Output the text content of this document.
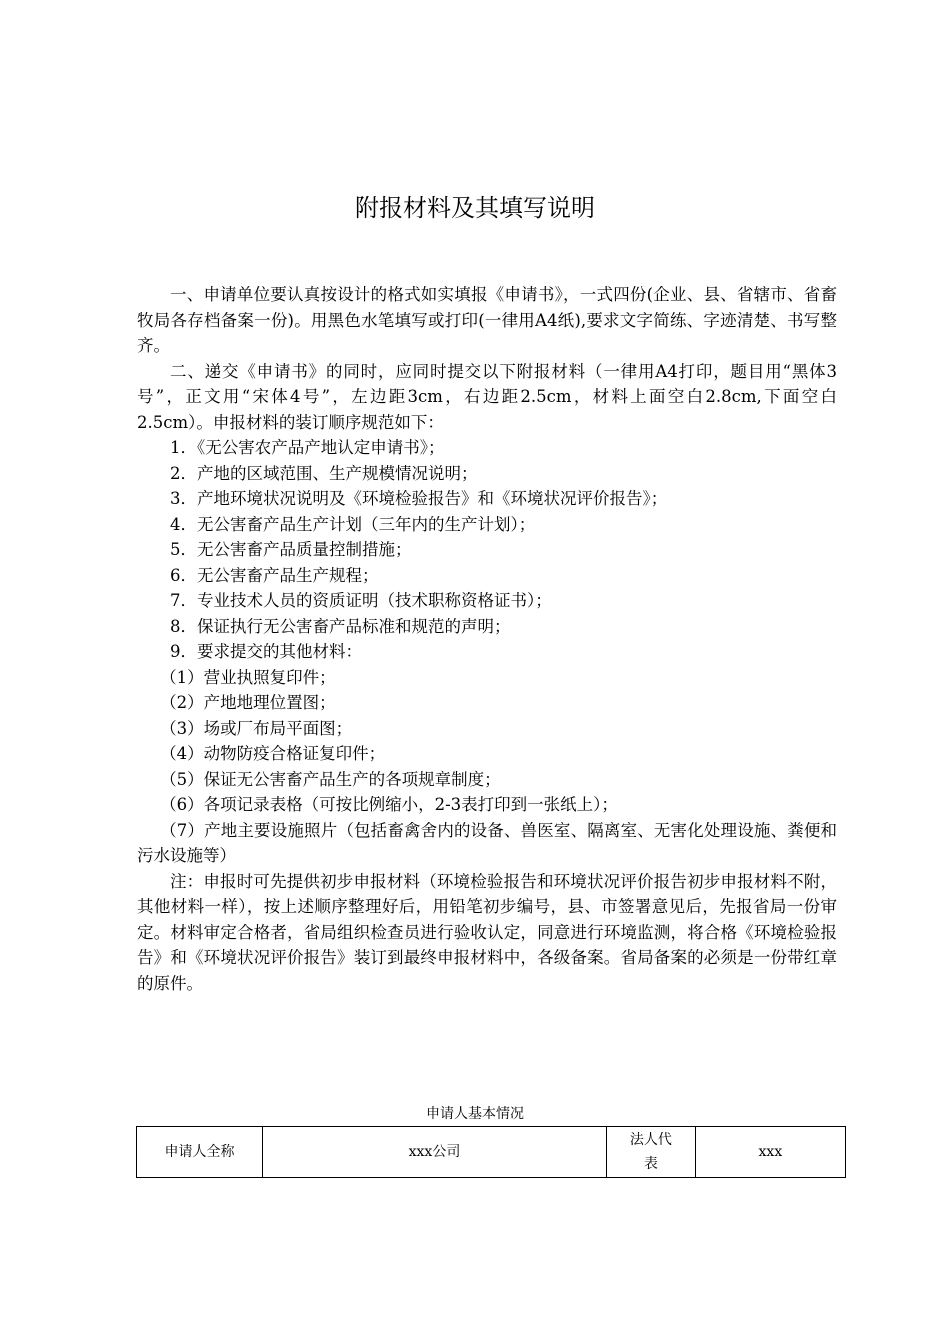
附报材料及其填写说明

一、申请单位要认真按设计的格式如实填报《申请书》，一式四份(企业、县、省辖市、省畜牧局各存档备案一份)。用黑色水笔填写或打印(一律用A4纸),要求文字简练、字迹清楚、书写整齐。

二、递交《申请书》的同时，应同时提交以下附报材料（一律用A4打印，题目用“黑体3号”，正文用“宋体4号”，左边距3cm，右边距2.5cm，材料上面空白2.8cm,下面空白2.5cm）。申报材料的装订顺序规范如下：

1．《无公害农产品产地认定申请书》；

2．产地的区域范围、生产规模情况说明；

3．产地环境状况说明及《环境检验报告》和《环境状况评价报告》；

4．无公害畜产品生产计划（三年内的生产计划）；

5．无公害畜产品质量控制措施；

6．无公害畜产品生产规程；

7．专业技术人员的资质证明（技术职称资格证书）；

8．保证执行无公害畜产品标准和规范的声明；

9．要求提交的其他材料：

（1）营业执照复印件；

（2）产地地理位置图；

（3）场或厂布局平面图；

（4）动物防疫合格证复印件；

（5）保证无公害畜产品生产的各项规章制度；

（6）各项记录表格（可按比例缩小，2-3表打印到一张纸上）；

（7）产地主要设施照片（包括畜禽舍内的设备、兽医室、隔离室、无害化处理设施、粪便和污水设施等）

注：申报时可先提供初步申报材料（环境检验报告和环境状况评价报告初步申报材料不附，其他材料一样），按上述顺序整理好后，用铅笔初步编号，县、市签署意见后，先报省局一份审定。材料审定合格者，省局组织检查员进行验收认定，同意进行环境监测，将合格《环境检验报告》和《环境状况评价报告》装订到最终申报材料中，各级备案。省局备案的必须是一份带红章的原件。

申请人基本情况
申请人全称	xxx公司	法人代表	xxx
